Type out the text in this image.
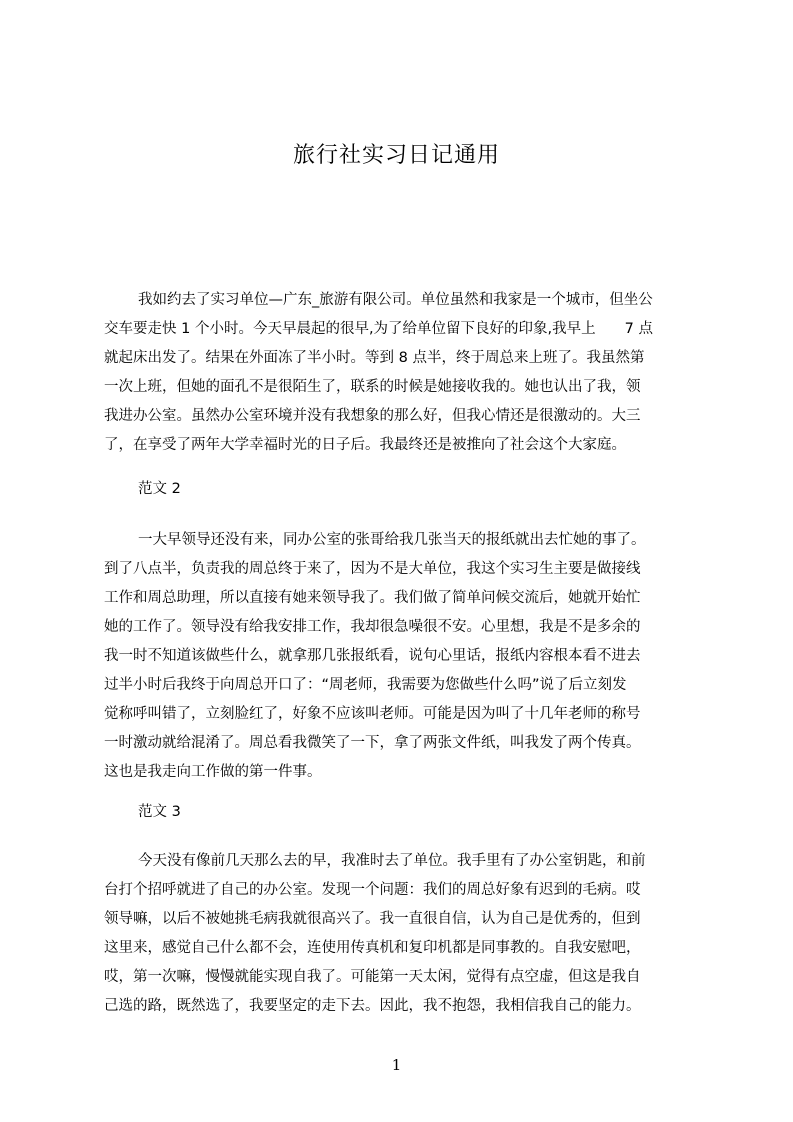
旅行社实习日记通用
我如约去了实习单位—广东_旅游有限公司。单位虽然和我家是一个城市，但坐公
交车要走快 1 个小时。今天早晨起的很早,为了给单位留下良好的印象,我早上　　7 点
就起床出发了。结果在外面冻了半小时。等到 8 点半，终于周总来上班了。我虽然第
一次上班，但她的面孔不是很陌生了，联系的时候是她接收我的。她也认出了我，领
我进办公室。虽然办公室环境并没有我想象的那么好，但我心情还是很激动的。大三
了，在享受了两年大学幸福时光的日子后。我最终还是被推向了社会这个大家庭。
范文 2
一大早领导还没有来，同办公室的张哥给我几张当天的报纸就出去忙她的事了。
到了八点半，负责我的周总终于来了，因为不是大单位，我这个实习生主要是做接线
工作和周总助理，所以直接有她来领导我了。我们做了简单问候交流后，她就开始忙
她的工作了。领导没有给我安排工作，我却很急噪很不安。心里想，我是不是多余的
我一时不知道该做些什么，就拿那几张报纸看，说句心里话，报纸内容根本看不进去
过半小时后我终于向周总开口了：“周老师，我需要为您做些什么吗”说了后立刻发
觉称呼叫错了，立刻脸红了，好象不应该叫老师。可能是因为叫了十几年老师的称号
一时激动就给混淆了。周总看我微笑了一下，拿了两张文件纸，叫我发了两个传真。
这也是我走向工作做的第一件事。
范文 3
今天没有像前几天那么去的早，我准时去了单位。我手里有了办公室钥匙，和前
台打个招呼就进了自己的办公室。发现一个问题：我们的周总好象有迟到的毛病。哎
领导嘛，以后不被她挑毛病我就很高兴了。我一直很自信，认为自己是优秀的，但到
这里来，感觉自己什么都不会，连使用传真机和复印机都是同事教的。自我安慰吧，
哎，第一次嘛，慢慢就能实现自我了。可能第一天太闲，觉得有点空虚，但这是我自
己选的路，既然选了，我要坚定的走下去。因此，我不抱怨，我相信我自己的能力。
1
